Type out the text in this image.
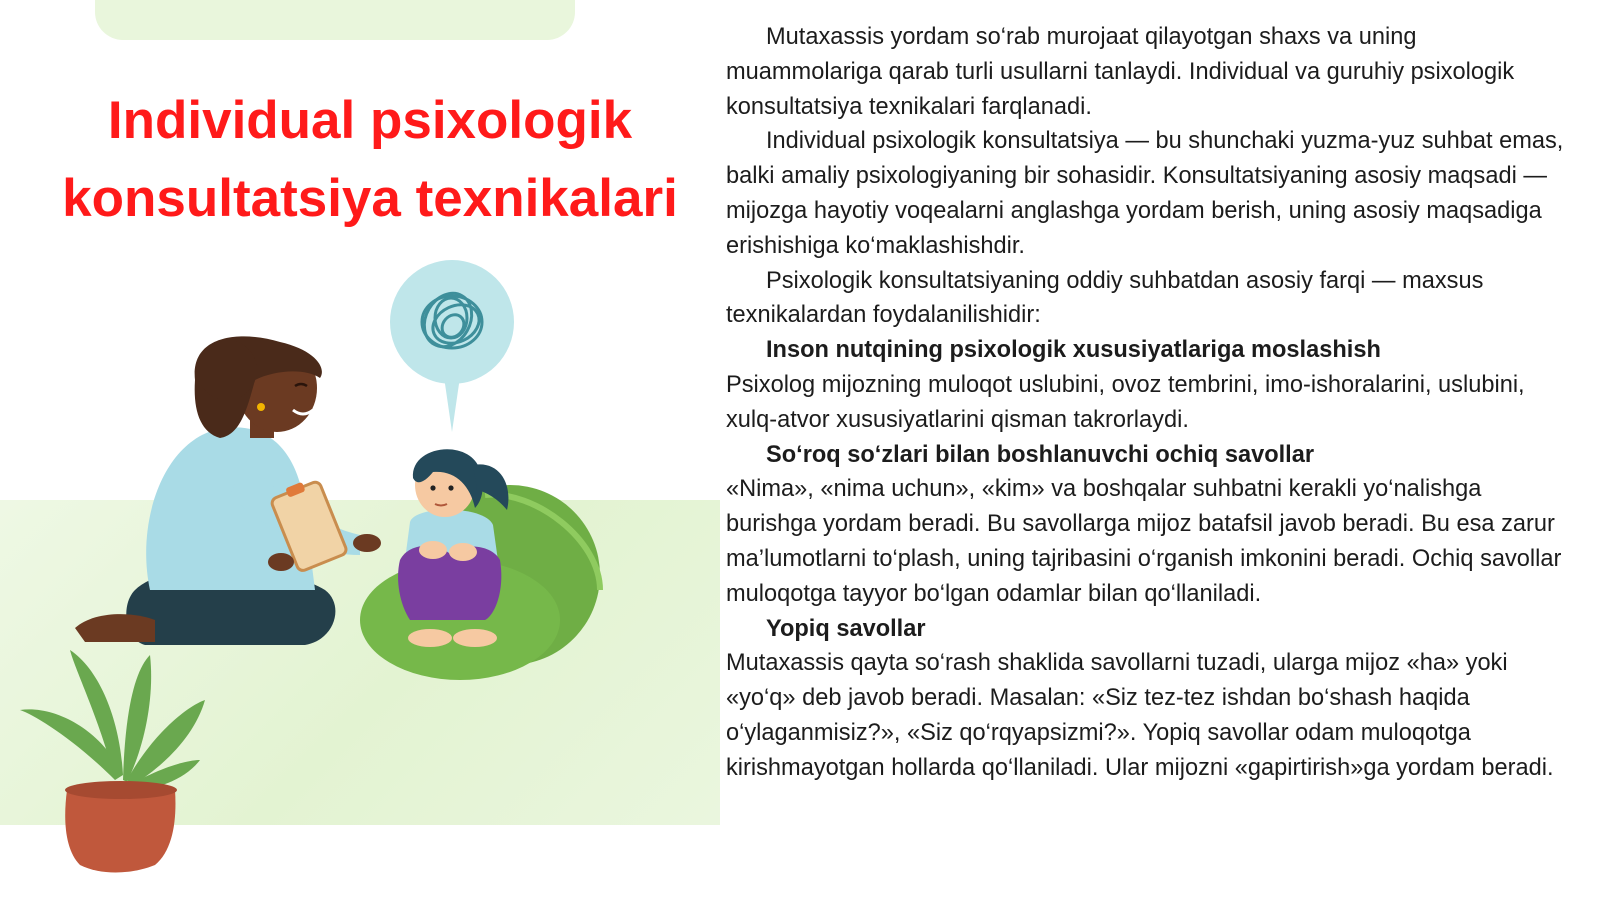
Individual psixologik
konsultatsiya texnikalari

Mutaxassis yordam so‘rab murojaat qilayotgan shaxs va uning muammolariga qarab turli usullarni tanlaydi. Individual va guruhiy psixologik konsultatsiya texnikalari farqlanadi.

Individual psixologik konsultatsiya — bu shunchaki yuzma-yuz suhbat emas, balki amaliy psixologiyaning bir sohasidir. Konsultatsiyaning asosiy maqsadi — mijozga hayotiy voqealarni anglashga yordam berish, uning asosiy maqsadiga erishishiga ko‘maklashishdir.

Psixologik konsultatsiyaning oddiy suhbatdan asosiy farqi — maxsus texnikalardan foydalanilishidir:

Inson nutqining psixologik xususiyatlariga moslashish

Psixolog mijozning muloqot uslubini, ovoz tembrini, imo-ishoralarini, uslubini, xulq-atvor xususiyatlarini qisman takrorlaydi.

So‘roq so‘zlari bilan boshlanuvchi ochiq savollar

«Nima», «nima uchun», «kim» va boshqalar suhbatni kerakli yo‘nalishga burishga yordam beradi. Bu savollarga mijoz batafsil javob beradi. Bu esa zarur ma’lumotlarni to‘plash, uning tajribasini o‘rganish imkonini beradi. Ochiq savollar muloqotga tayyor bo‘lgan odamlar bilan qo‘llaniladi.

Yopiq savollar

Mutaxassis qayta so‘rash shaklida savollarni tuzadi, ularga mijoz «ha» yoki «yo‘q» deb javob beradi. Masalan: «Siz tez-tez ishdan bo‘shash haqida o‘ylaganmisiz?», «Siz qo‘rqyapsizmi?». Yopiq savollar odam muloqotga kirishmayotgan hollarda qo‘llaniladi. Ular mijozni «gapirtirish»ga yordam beradi.
